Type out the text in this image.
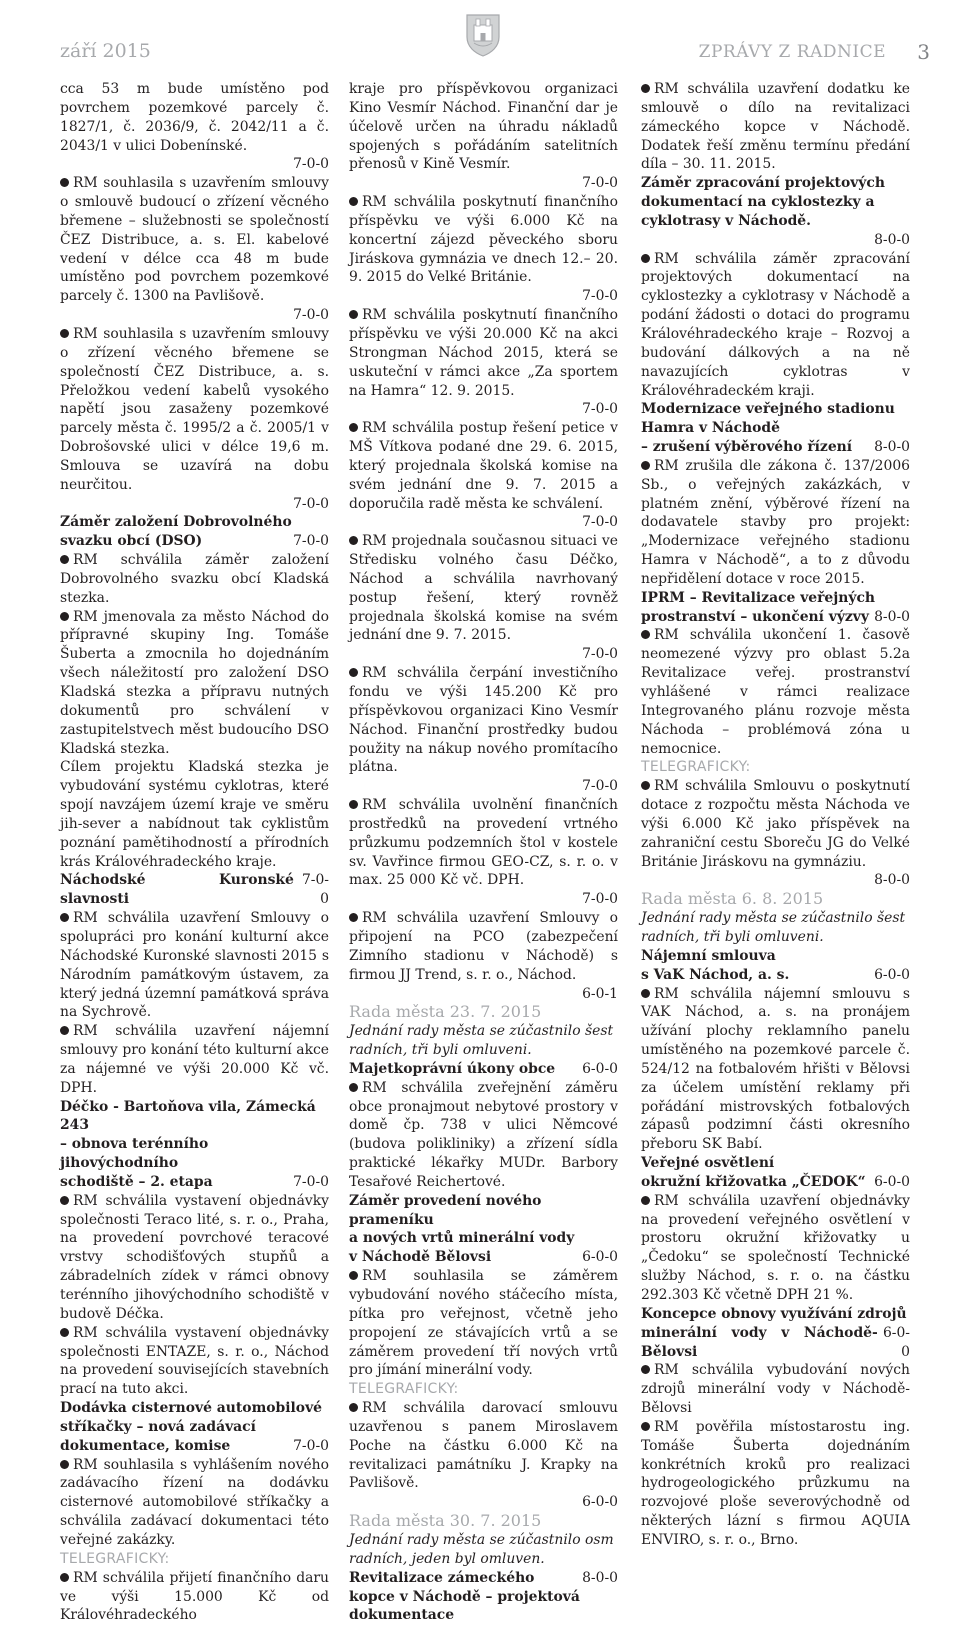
září 2015	ZPRÁVY Z RADNICE 3

cca 53 m bude umístěno pod povrchem pozemkové parcely č. 1827/1, č. 2036/9, č. 2042/11 a č. 2043/1 v ulici Dobenínské.

7-0-0

RM souhlasila s uzavřením smlouvy o smlouvě budoucí o zřízení věcného břemene – služebnosti se společností ČEZ Distribuce, a. s. El. kabelové vedení v délce cca 48 m bude umístěno pod povrchem pozemkové parcely č. 1300 na Pavlišově.

7-0-0

RM souhlasila s uzavřením smlouvy o zřízení věcného břemene se společností ČEZ Distribuce, a. s. Přeložkou vedení kabelů vysokého napětí jsou zasaženy pozemkové parcely města č. 1995/2 a č. 2005/1 v Dobrošovské ulici v délce 19,6 m. Smlouva se uzavírá na dobu neurčitou.

7-0-0

Záměr založení Dobrovolného

svazku obcí (DSO)	7-0-0

RM schválila záměr založení Dobrovolného svazku obcí Kladská stezka.

RM jmenovala za město Náchod do přípravné skupiny Ing. Tomáše Šuberta a zmocnila ho dojednáním všech náležitostí pro založení DSO Kladská stezka a přípravu nutných dokumentů pro schválení v zastupitelstvech měst budoucího DSO Kladská stezka.

Cílem projektu Kladská stezka je vybudování systému cyklotras, které spojí navzájem území kraje ve směru jih-sever a nabídnout tak cyklistům poznání pamětihodností a přírodních krás Královéhradeckého kraje.

Náchodské Kuronské slavnosti
7-0-0

RM schválila uzavření Smlouvy o spolupráci pro konání kulturní akce Náchodské Kuronské slavnosti 2015 s Národním památkovým ústavem, za který jedná územní památková správa na Sychrově.

RM schválila uzavření nájemní smlouvy pro konání této kulturní akce za nájemné ve výši 20.000 Kč vč. DPH.

Déčko - Bartoňova vila, Zámecká 243

– obnova terénního jihovýchodního

schodiště – 2. etapa	7-0-0

RM schválila vystavení objednávky společnosti Teraco lité, s. r. o., Praha, na provedení povrchové teracové vrstvy schodišťových stupňů a zábradelních zídek v rámci obnovy terénního jihovýchodního schodiště v budově Déčka.

RM schválila vystavení objednávky společnosti ENTAZE, s. r. o., Náchod na provedení souvisejících stavebních prací na tuto akci.

Dodávka cisternové automobilové

stříkačky – nová zadávací

dokumentace, komise	7-0-0

RM souhlasila s vyhlášením nového zadávacího řízení na dodávku cisternové automobilové stříkačky a schválila zadávací dokumentaci této veřejné zakázky.

TELEGRAFICKY:

RM schválila přijetí finančního daru ve výši 15.000 Kč od Královéhradeckého

kraje pro příspěvkovou organizaci Kino Vesmír Náchod. Finanční dar je účelově určen na úhradu nákladů spojených s pořádáním satelitních přenosů v Kině Vesmír.

7-0-0

RM schválila poskytnutí finančního příspěvku ve výši 6.000 Kč na koncertní zájezd pěveckého sboru Jiráskova gymnázia ve dnech 12.– 20. 9. 2015 do Velké Británie.

7-0-0

RM schválila poskytnutí finančního příspěvku ve výši 20.000 Kč na akci Strongman Náchod 2015, která se uskuteční v rámci akce „Za sportem na Hamra“ 12. 9. 2015.

7-0-0

RM schválila postup řešení petice v MŠ Vítkova podané dne 29. 6. 2015, který projednala školská komise na svém jednání dne 9. 7. 2015 a doporučila radě města ke schválení.

7-0-0

RM projednala současnou situaci ve Středisku volného času Déčko, Náchod a schválila navrhovaný postup řešení, který rovněž projednala školská komise na svém jednání dne 9. 7. 2015.

7-0-0

RM schválila čerpání investičního fondu ve výši 145.200 Kč pro příspěvkovou organizaci Kino Vesmír Náchod. Finanční prostředky budou použity na nákup nového promítacího plátna.

7-0-0

RM schválila uvolnění finančních prostředků na provedení vrtného průzkumu podzemních štol v kostele sv. Vavřince firmou GEO-CZ, s. r. o. v max. 25 000 Kč vč. DPH.

7-0-0

RM schválila uzavření Smlouvy o připojení na PCO (zabezpečení Zimního stadionu v Náchodě) s firmou JJ Trend, s. r. o., Náchod.

6-0-1

Rada města 23. 7. 2015

Jednání rady města se zúčastnilo šest radních, tři byli omluveni.

Majetkoprávní úkony obce 6-0-0

RM schválila zveřejnění záměru obce pronajmout nebytové prostory v domě čp. 738 v ulici Němcové (budova polikliniky) a zřízení sídla praktické lékařky MUDr. Barbory Tesařové Reichertové.

Záměr provedení nového prameníku

a nových vrtů minerální vody

v Náchodě Bělovsi	6-0-0

RM souhlasila se záměrem vybudování nového stáčecího místa, pítka pro veřejnost, včetně jeho propojení ze stávajících vrtů a se záměrem provedení tří nových vrtů pro jímání minerální vody.

TELEGRAFICKY:

RM schválila darovací smlouvu uzavřenou s panem Miroslavem Poche na částku 6.000 Kč na revitalizaci památníku J. Krapky na Pavlišově.

6-0-0

Rada města 30. 7. 2015

Jednání rady města se zúčastnilo osm radních, jeden byl omluven.

8-0-0
Revitalizace zámeckého kopce v Náchodě – projektová dokumentace

RM schválila uzavření dodatku ke smlouvě o dílo na revitalizaci zámeckého kopce v Náchodě. Dodatek řeší změnu termínu předání díla – 30. 11. 2015.

Záměr zpracování projektových dokumentací na cyklostezky a cyklotrasy v Náchodě.

8-0-0

RM schválila záměr zpracování projektových dokumentací na cyklostezky a cyklotrasy v Náchodě a podání žádosti o dotaci do programu Královéhradeckého kraje – Rozvoj a budování dálkových a na ně navazujících cyklotras v Královéhradeckém kraji.

Modernizace veřejného stadionu

Hamra v Náchodě

– zrušení výběrového řízení 8-0-0

RM zrušila dle zákona č. 137/2006 Sb., o veřejných zakázkách, v platném znění, výběrové řízení na dodavatele stavby pro projekt: „Modernizace veřejného stadionu Hamra v Náchodě“, a to z důvodu nepřidělení dotace v roce 2015.

IPRM – Revitalizace veřejných

prostranství – ukončení výzvy 8-0-0

RM schválila ukončení 1. časově neomezené výzvy pro oblast 5.2a Revitalizace veřej. prostranství vyhlášené v rámci realizace Integrovaného plánu rozvoje města Náchoda – problémová zóna u nemocnice.

TELEGRAFICKY:

RM schválila Smlouvu o poskytnutí dotace z rozpočtu města Náchoda ve výši 6.000 Kč jako příspěvek na zahraniční cestu Sboreču JG do Velké Británie Jiráskovu na gymnáziu.

8-0-0

Rada města 6. 8. 2015

Jednání rady města se zúčastnilo šest radních, tři byli omluveni.

Nájemní smlouva

s VaK Náchod, a. s.	6-0-0

RM schválila nájemní smlouvu s VAK Náchod, a. s. na pronájem užívání plochy reklamního panelu umístěného na pozemkové parcele č. 524/12 na fotbalovém hřišti v Bělovsi za účelem umístění reklamy při pořádání mistrovských fotbalových zápasů podzimní části okresního přeboru SK Babí.

Veřejné osvětlení

okružní křižovatka „ČEDOK“ 6-0-0

RM schválila uzavření objednávky na provedení veřejného osvětlení v prostoru okružní křižovatky u „Čedoku“ se společností Technické služby Náchod, s. r. o. na částku 292.303 Kč včetně DPH 21 %.

Koncepce obnovy využívání zdrojů

minerální vody v Náchodě-Bělovsi
6-0-0

RM schválila vybudování nových zdrojů minerální vody v Náchodě-Bělovsi

RM pověřila místostarostu ing. Tomáše Šuberta dojednáním konkrétních kroků pro realizaci hydrogeologického průzkumu na rozvojové ploše severovýchodně od některých lázní s firmou AQUIA ENVIRO, s. r. o., Brno.
